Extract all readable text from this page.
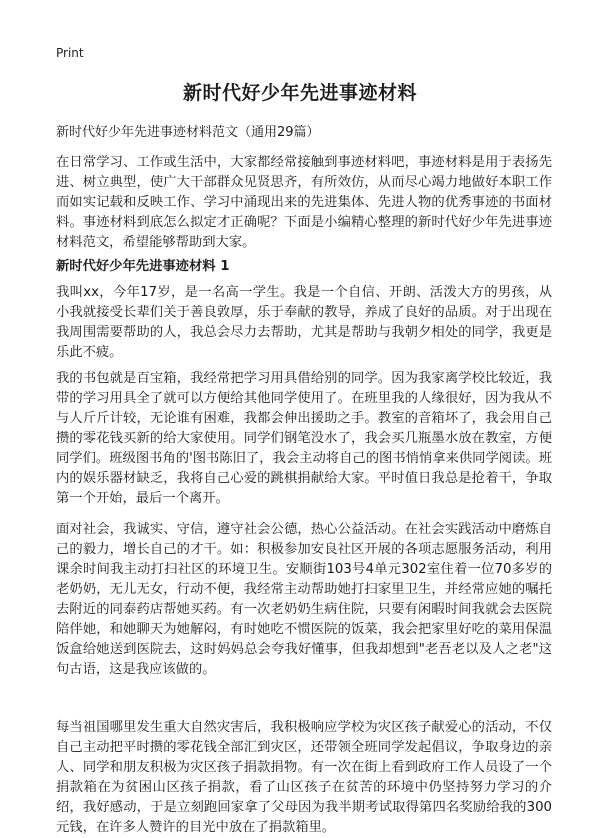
Print
新时代好少年先进事迹材料
新时代好少年先进事迹材料范文（通用29篇）

在日常学习、工作或生活中，大家都经常接触到事迹材料吧，事迹材料是用于表扬先进、树立典型，使广大干部群众见贤思齐，有所效仿，从而尽心竭力地做好本职工作而如实记载和反映工作、学习中涌现出来的先进集体、先进人物的优秀事迹的书面材料。事迹材料到底怎么拟定才正确呢？下面是小编精心整理的新时代好少年先进事迹材料范文，希望能够帮助到大家。

新时代好少年先进事迹材料 1

我叫xx，今年17岁，是一名高一学生。我是一个自信、开朗、活泼大方的男孩，从小我就接受长辈们关于善良敦厚，乐于奉献的教导，养成了良好的品质。对于出现在我周围需要帮助的人，我总会尽力去帮助，尤其是帮助与我朝夕相处的同学，我更是乐此不疲。

我的书包就是百宝箱，我经常把学习用具借给别的同学。因为我家离学校比较近，我带的学习用具全了就可以方便给其他同学使用了。在班里我的人缘很好，因为我从不与人斤斤计较，无论谁有困难，我都会伸出援助之手。教室的音箱坏了，我会用自己攒的零花钱买新的给大家使用。同学们钢笔没水了，我会买几瓶墨水放在教室，方便同学们。班级图书角的'图书陈旧了，我会主动将自己的图书悄悄拿来供同学阅读。班内的娱乐器材缺乏，我将自己心爱的跳棋捐献给大家。平时值日我总是抢着干，争取第一个开始，最后一个离开。

面对社会，我诚实、守信，遵守社会公德，热心公益活动。在社会实践活动中磨炼自己的毅力，增长自己的才干。如：积极参加安良社区开展的各项志愿服务活动，利用课余时间我主动打扫社区的环境卫生。安顺街103号4单元302室住着一位70多岁的老奶奶，无儿无女，行动不便，我经常主动帮助她打扫家里卫生，并经常应她的嘱托去附近的同泰药店帮她买药。有一次老奶奶生病住院，只要有闲暇时间我就会去医院陪伴她，和她聊天为她解闷，有时她吃不惯医院的饭菜，我会把家里好吃的菜用保温饭盒给她送到医院去，这时妈妈总会夸我好懂事，但我却想到"老吾老以及人之老"这句古语，这是我应该做的。

每当祖国哪里发生重大自然灾害后，我积极响应学校为灾区孩子献爱心的活动，不仅自己主动把平时攒的零花钱全部汇到灾区，还带领全班同学发起倡议，争取身边的亲人、同学和朋友积极为灾区孩子捐款捐物。有一次在街上看到政府工作人员设了一个捐款箱在为贫困山区孩子捐款，看了山区孩子在贫苦的环境中仍坚持努力学习的介绍，我好感动，于是立刻跑回家拿了父母因为我半期考试取得第四名奖励给我的300元钱，在许多人赞许的目光中放在了捐款箱里。
